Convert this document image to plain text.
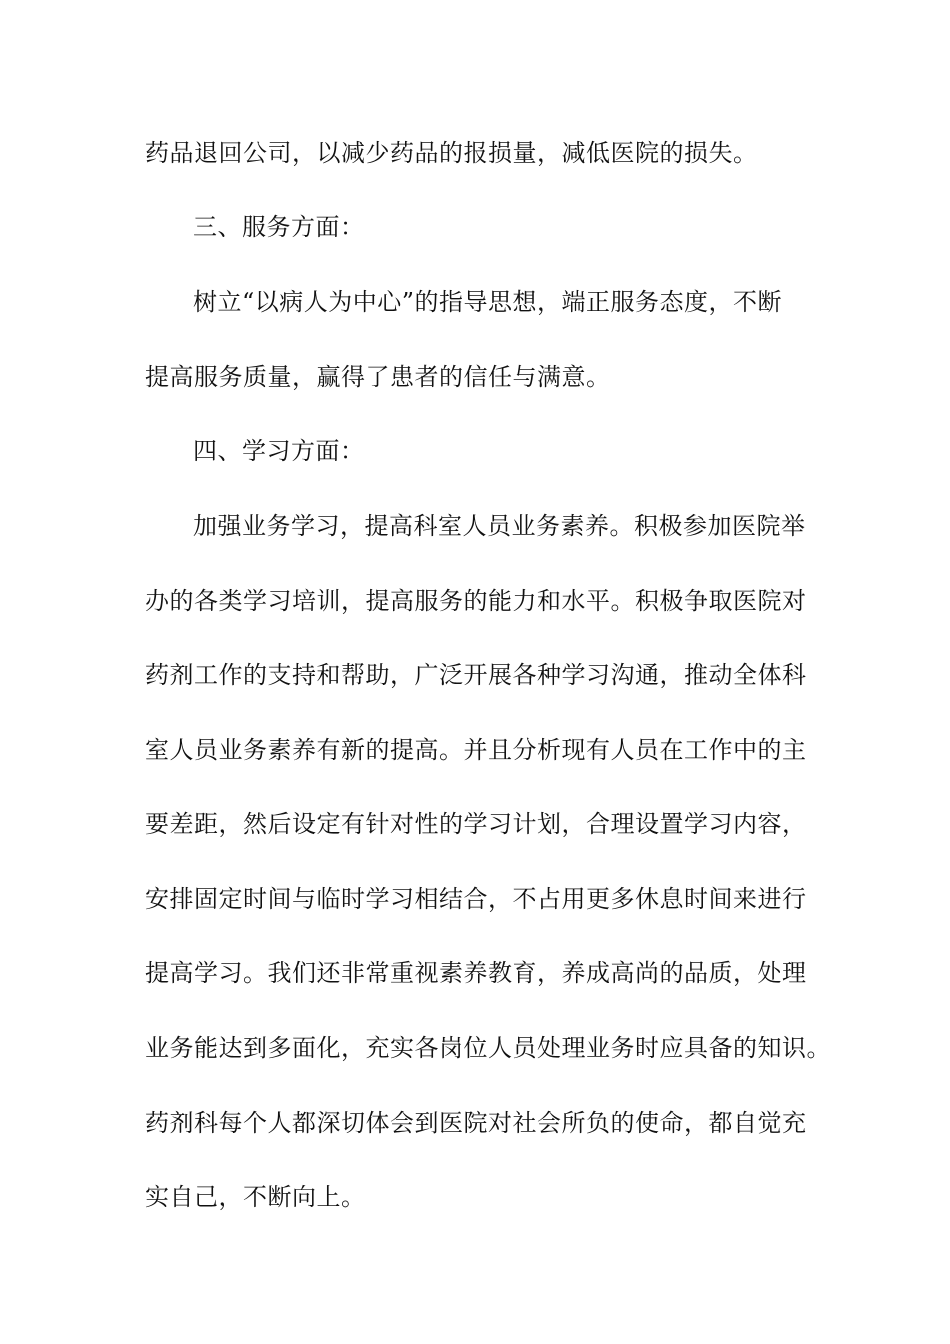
药品退回公司，以减少药品的报损量，减低医院的损失。
三、服务方面：
树立“以病人为中心”的指导思想，端正服务态度，不断
提高服务质量，赢得了患者的信任与满意。
四、学习方面：
加强业务学习，提高科室人员业务素养。积极参加医院举
办的各类学习培训，提高服务的能力和水平。积极争取医院对
药剂工作的支持和帮助，广泛开展各种学习沟通，推动全体科
室人员业务素养有新的提高。并且分析现有人员在工作中的主
要差距，然后设定有针对性的学习计划，合理设置学习内容，
安排固定时间与临时学习相结合，不占用更多休息时间来进行
提高学习。我们还非常重视素养教育，养成高尚的品质，处理
业务能达到多面化，充实各岗位人员处理业务时应具备的知识。
药剂科每个人都深切体会到医院对社会所负的使命，都自觉充
实自己，不断向上。
